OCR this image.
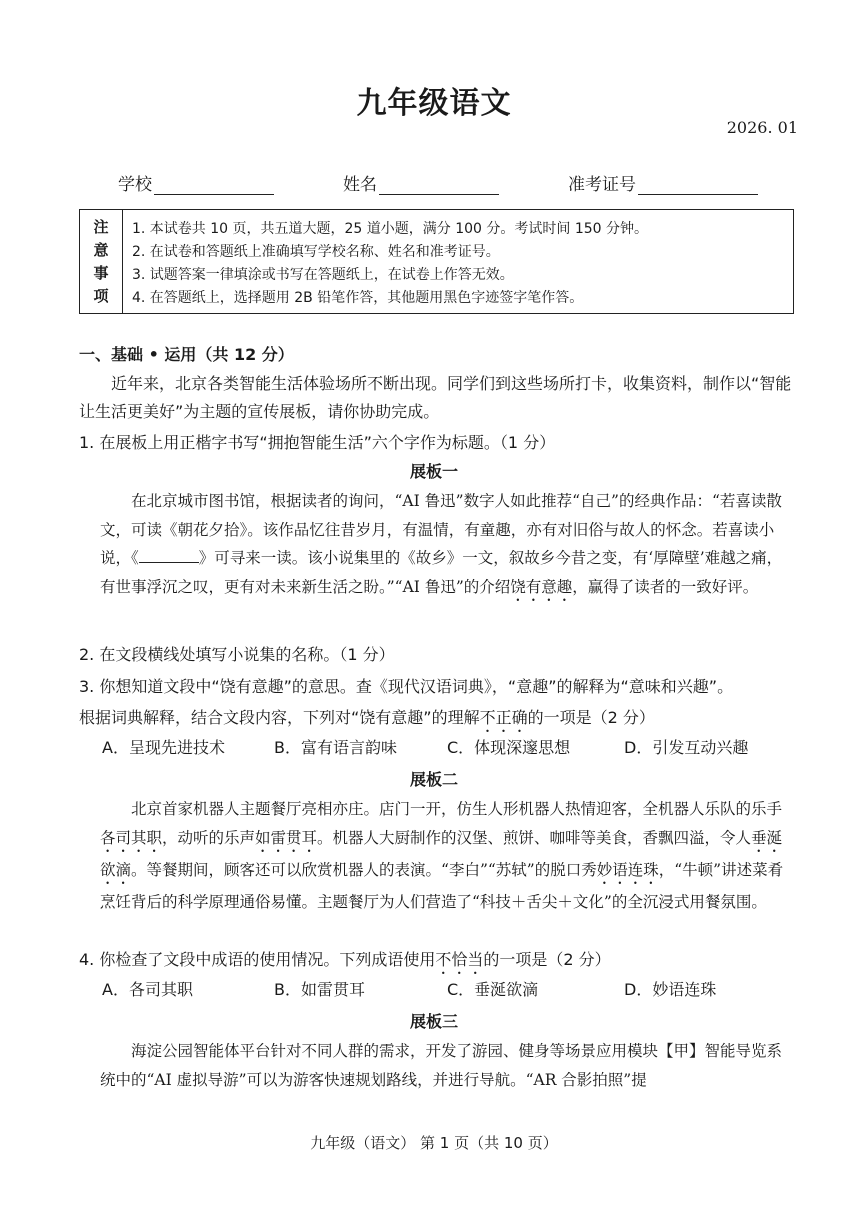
九年级语文
2026. 01
学校	姓名	准考证号
注
意
事
项
1. 本试卷共 10 页，共五道大题，25 道小题，满分 100 分。考试时间 150 分钟。
2. 在试卷和答题纸上准确填写学校名称、姓名和准考证号。
3. 试题答案一律填涂或书写在答题纸上，在试卷上作答无效。
4. 在答题纸上，选择题用 2B 铅笔作答，其他题用黑色字迹签字笔作答。
一、基础 • 运用（共 12 分）
近年来，北京各类智能生活体验场所不断出现。同学们到这些场所打卡，收集资料，制作以“智能让生活更美好”为主题的宣传展板，请你协助完成。
1. 在展板上用正楷字书写“拥抱智能生活”六个字作为标题。（1 分）
展板一
在北京城市图书馆，根据读者的询问，“AI 鲁迅”数字人如此推荐“自己”的经典作品：“若喜读散文，可读《朝花夕拾》。该作品忆往昔岁月，有温情，有童趣，亦有对旧俗与故人的怀念。若喜读小说，《	》可寻来一读。该小说集里的《故乡》一文，叙故乡今昔之变，有‘厚障壁’难越之痛，有世事浮沉之叹，更有对未来新生活之盼。”“AI 鲁迅”的介绍饶有意趣，赢得了读者的一致好评。
2. 在文段横线处填写小说集的名称。（1 分）
3. 你想知道文段中“饶有意趣”的意思。查《现代汉语词典》，“意趣”的解释为“意味和兴趣”。
根据词典解释，结合文段内容，下列对“饶有意趣”的理解不正确的一项是（2 分）
A．呈现先进技术	B．富有语言韵味	C．体现深邃思想	D．引发互动兴趣
展板二
北京首家机器人主题餐厅亮相亦庄。店门一开，仿生人形机器人热情迎客，全机器人乐队的乐手各司其职，动听的乐声如雷贯耳。机器人大厨制作的汉堡、煎饼、咖啡等美食，香飘四溢，令人垂涎欲滴。等餐期间，顾客还可以欣赏机器人的表演。“李白”“苏轼”的脱口秀妙语连珠，“牛顿”讲述菜肴烹饪背后的科学原理通俗易懂。主题餐厅为人们营造了“科技＋舌尖＋文化”的全沉浸式用餐氛围。
4. 你检查了文段中成语的使用情况。下列成语使用不恰当的一项是（2 分）
A．各司其职	B．如雷贯耳	C．垂涎欲滴	D．妙语连珠
展板三
海淀公园智能体平台针对不同人群的需求，开发了游园、健身等场景应用模块【甲】智能导览系统中的“AI 虚拟导游”可以为游客快速规划路线，并进行导航。“AR 合影拍照”提
九年级（语文） 第 1 页（共 10 页）
